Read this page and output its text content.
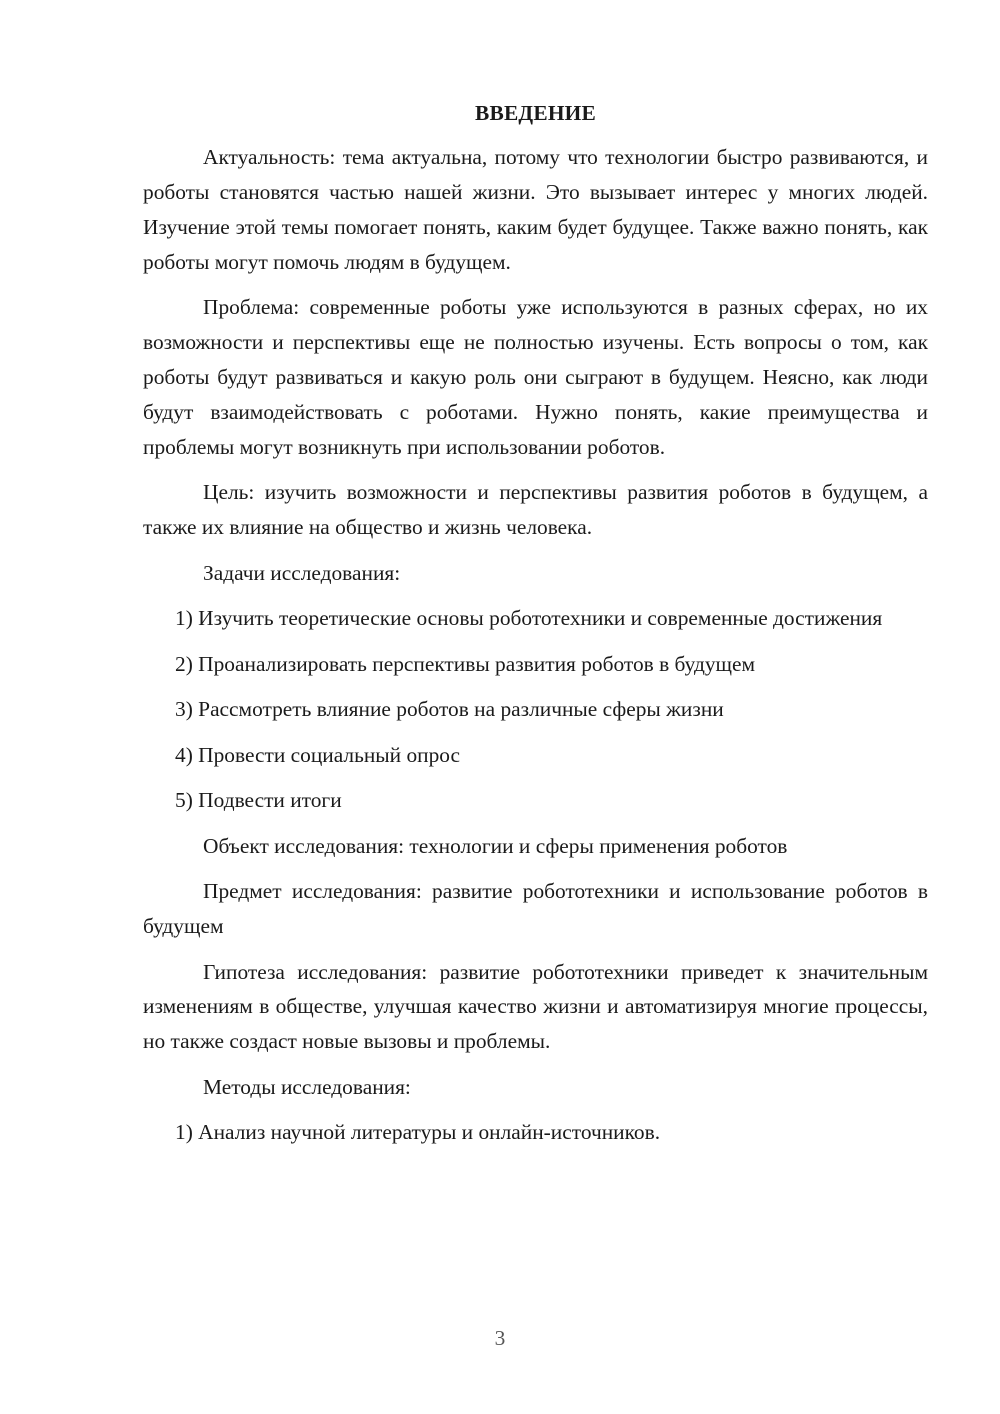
ВВЕДЕНИЕ

Актуальность: тема актуальна, потому что технологии быстро развиваются, и роботы становятся частью нашей жизни. Это вызывает интерес у многих людей. Изучение этой темы помогает понять, каким будет будущее. Также важно понять, как роботы могут помочь людям в будущем.

Проблема: современные роботы уже используются в разных сферах, но их возможности и перспективы еще не полностью изучены. Есть вопросы о том, как роботы будут развиваться и какую роль они сыграют в будущем. Неясно, как люди будут взаимодействовать с роботами. Нужно понять, какие преимущества и проблемы могут возникнуть при использовании роботов.

Цель: изучить возможности и перспективы развития роботов в будущем, а также их влияние на общество и жизнь человека.

Задачи исследования:

1) Изучить теоретические основы робототехники и современные достижения

2) Проанализировать перспективы развития роботов в будущем

3) Рассмотреть влияние роботов на различные сферы жизни

4) Провести социальный опрос

5) Подвести итоги

Объект исследования: технологии и сферы применения роботов

Предмет исследования: развитие робототехники и использование роботов в будущем

Гипотеза исследования: развитие робототехники приведет к значительным изменениям в обществе, улучшая качество жизни и автоматизируя многие процессы, но также создаст новые вызовы и проблемы.

Методы исследования:

1) Анализ научной литературы и онлайн-источников.

3
